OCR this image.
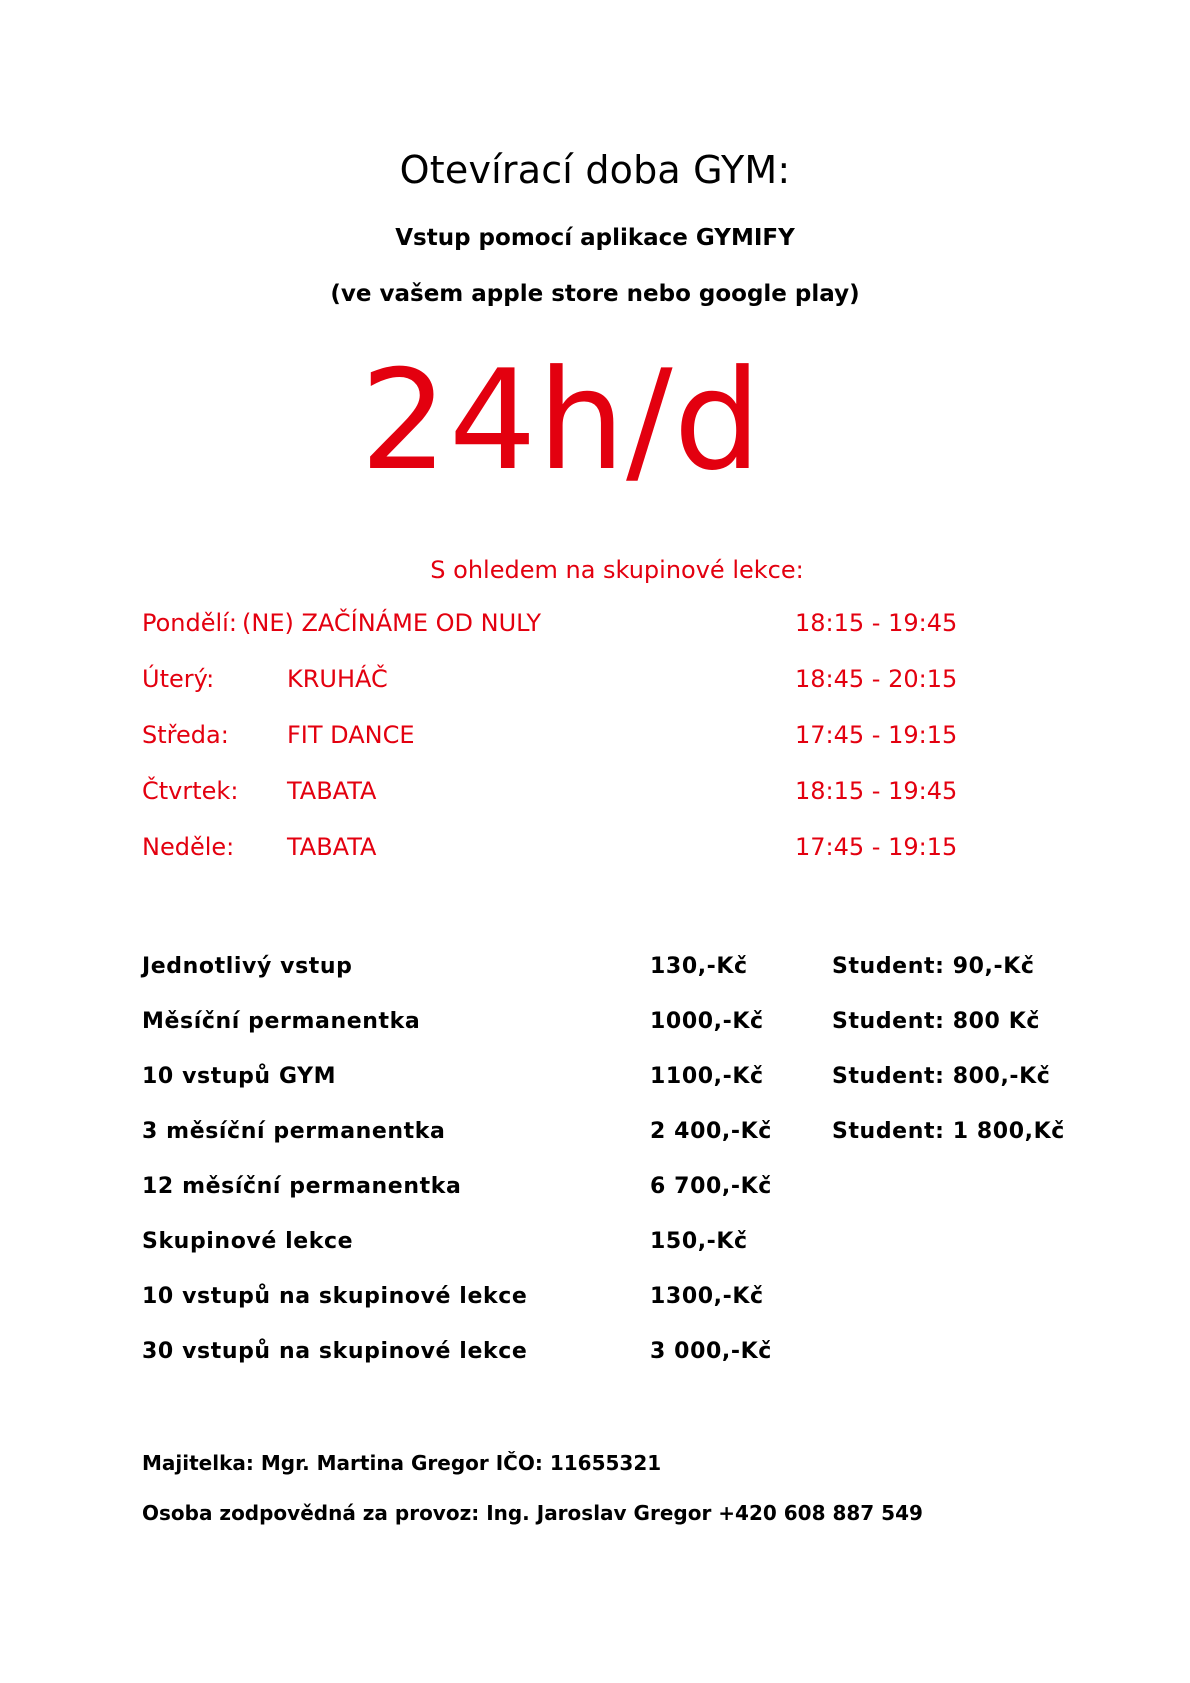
Otevírací doba GYM:
Vstup pomocí aplikace GYMIFY
(ve vašem apple store nebo google play)
24h/d
S ohledem na skupinové lekce:
Pondělí: (NE) ZAČÍNÁME OD NULY	18:15 - 19:45
Úterý:	KRUHÁČ	18:45 - 20:15
Středa: FIT DANCE	17:45 - 19:15
Čtvrtek: TABATA	18:15 - 19:45
Neděle: TABATA	17:45 - 19:15
Jednotlivý vstup	130,-Kč	Student: 90,-Kč
Měsíční permanentka	1000,-Kč	Student: 800 Kč
10 vstupů GYM	1100,-Kč	Student: 800,-Kč
3 měsíční permanentka	2 400,-Kč	Student: 1 800,Kč
12 měsíční permanentka	6 700,-Kč
Skupinové lekce	150,-Kč
10 vstupů na skupinové lekce	1300,-Kč
30 vstupů na skupinové lekce	3 000,-Kč
Majitelka: Mgr. Martina Gregor IČO: 11655321
Osoba zodpovědná za provoz: Ing. Jaroslav Gregor +420 608 887 549
